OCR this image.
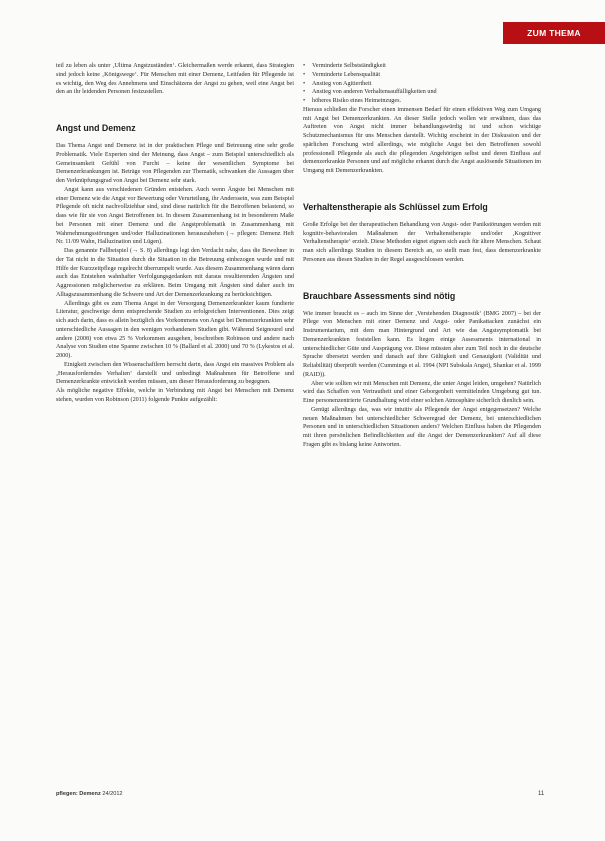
ZUM THEMA

teil zu leben als unter ‚Ultima Angstzuständen‘. Gleichermaßen werde erkannt, dass Strategien sind jedoch keine ‚Königswege‘. Für Menschen mit einer Demenz, Leitfaden für Pflegende ist es wichtig, den Weg des Annehmens und Einschätzens der Angst zu gehen, weil eine Angst bei den an ihr leidenden Personen festzustellen.

Angst und Demenz

Das Thema Angst und Demenz ist in der praktischen Pflege und Betreuung eine sehr große Problematik. Viele Experten sind der Meinung, dass Angst – zum Beispiel unterschiedlich als Gemeinsamkeit Gefühl von Furcht – keine der wesentlichen Symptome bei Demenzerkrankungen ist. Beträge von Pflegenden zur Thematik, schwanken die Aussagen über den Verknüpfungsgrad von Angst bei Demenz sehr stark.

Angst kann aus verschiedenen Gründen entstehen. Auch wenn Ängste bei Menschen mit einer Demenz wie die Angst vor Bewertung oder Verurteilung, ihr Anderssein, was zum Beispiel Pflegende oft nicht nachvollziehbar sind, sind diese natürlich für die Betroffenen belastend, so dass wie für sie von Angst Betroffenen ist. In diesem Zusammenhang ist in besonderem Maße bei Personen mit einer Demenz und die Angstproblematik in Zusammenhang mit Wahrnehmungsstörungen und/oder Halluzinationen herauszuheben (→ pflegen: Demenz Heft Nr. 11/09 Wahn, Halluzination und Lügen).

Das genannte Fallbeispiel (→ S. 8) allerdings legt den Verdacht nahe, dass die Bewohner in der Tat nicht in die Situation durch die Situation in die Betreuung einbezogen wurde und mit Hilfe der Kurzzeitpflege regelrecht überrumpelt wurde. Aus diesem Zusammenhang wären dann auch das Entstehen wahnhafter Verfolgungsgedanken mit daraus resultierenden Ängsten und Aggressionen möglicherweise zu erklären. Beim Umgang mit Ängsten sind daher auch im Alltagszusammenhang die Schwere und Art der Demenzerkrankung zu berücksichtigen.

Allerdings gibt es zum Thema Angst in der Versorgung Demenzerkrankter kaum fundierte Literatur, geschweige denn entsprechende Studien zu erfolgreichen Interventionen. Dies zeigt sich auch darin, dass es allein bezüglich des Vorkommens von Angst bei Demenzerkrankten sehr unterschiedliche Aussagen in den wenigen vorhandenen Studien gibt. Während Seignourel und andere (2008) von etwa 25 % Vorkommen ausgehen, beschreiben Robinson und andere nach Analyse von Studien eine Spanne zwischen 10 % (Ballard et al. 2000) und 70 % (Lykestos et al. 2000).

Einigkeit zwischen den Wissenschaftlern herrscht darin, dass Angst ein massives Problem als ‚Herausforderndes Verhalten‘ darstellt und unbedingt Maßnahmen für Betroffene und Demenzerkrankte entwickelt werden müssen, um dieser Herausforderung zu begegnen.

Als mögliche negative Effekte, welche in Verbindung mit Angst bei Menschen mit Demenz stehen, wurden von Robinson (2011) folgende Punkte aufgezählt:

• Verminderte Selbstständigkeit
• Verminderte Lebensqualität
• Anstieg von Agitiertheit
• Anstieg von anderen Verhaltensauffälligkeiten und
• höheres Risiko eines Heimeinzuges.

Hieraus schließen die Forscher einen immensen Bedarf für einen effektiven Weg zum Umgang mit Angst bei Demenzerkrankten. An dieser Stelle jedoch wollen wir erwähnen, dass das Auftreten von Angst nicht immer behandlungswürdig ist und schon wichtige Schutzmechanismus für uns Menschen darstellt. Wichtig erscheint in der Diskussion und der spärlichen Forschung wird allerdings, wie mögliche Angst bei den Betroffenen sowohl professionell Pflegende als auch die pflegenden Angehörigen selbst und deren Einfluss auf demenzerkrankte Personen und auf mögliche erkannt durch die Angst auslösende Situationen im Umgang mit Demenzerkrankten.

Verhaltenstherapie als Schlüssel zum Erfolg

Große Erfolge bei der therapeutischen Behandlung von Angst- oder Panikstörungen werden mit kognitiv-behavioralen Maßnahmen der Verhaltenstherapie und/oder ‚Kognitiver Verhaltenstherapie‘ erzielt. Diese Methoden eignet eignen sich auch für ältere Menschen. Schaut man sich allerdings Studien in diesem Bereich an, so stellt man fest, dass demenzerkrankte Personen aus diesen Studien in der Regel ausgeschlossen werden.

Brauchbare Assessments sind nötig

Wie immer braucht es – auch im Sinne der ‚Verstehenden Diagnostik‘ (BMG 2007) – bei der Pflege von Menschen mit einer Demenz und Angst- oder Panikattacken zunächst ein Instrumentarium, mit dem man Hintergrund und Art wie das Angstsymptomatik bei Demenzerkrankten feststellen kann. Es liegen einige Assessments international in unterschiedlicher Güte und Ausprägung vor. Diese müssten aber zum Teil noch in die deutsche Sprache übersetzt werden und danach auf ihre Gültigkeit und Genauigkeit (Validität und Reliabilität) überprüft werden (Cummings et al. 1994 (NPI Subskala Angst), Shankar et al. 1999 (RAID)).

Aber wie sollten wir mit Menschen mit Demenz, die unter Angst leiden, umgehen? Natürlich wird das Schaffen von Vertrautheit und einer Geborgenheit vermittelnden Umgebung gut tun. Eine personenzentrierte Grundhaltung wird einer solchen Atmosphäre sicherlich dienlich sein.

Genügt allerdings das, was wir intuitiv als Pflegende der Angst entgegensetzen? Welche neuen Maßnahmen bei unterschiedlicher Schweregrad der Demenz, bei unterschiedlichen Personen und in unterschiedlichen Situationen anders? Welchen Einfluss haben die Pflegenden mit ihren persönlichen Befindlichkeiten auf die Angst der Demenzerkrankten? Auf all diese Fragen gibt es bislang keine Antworten.

pflegen: Demenz 24/2012	11
